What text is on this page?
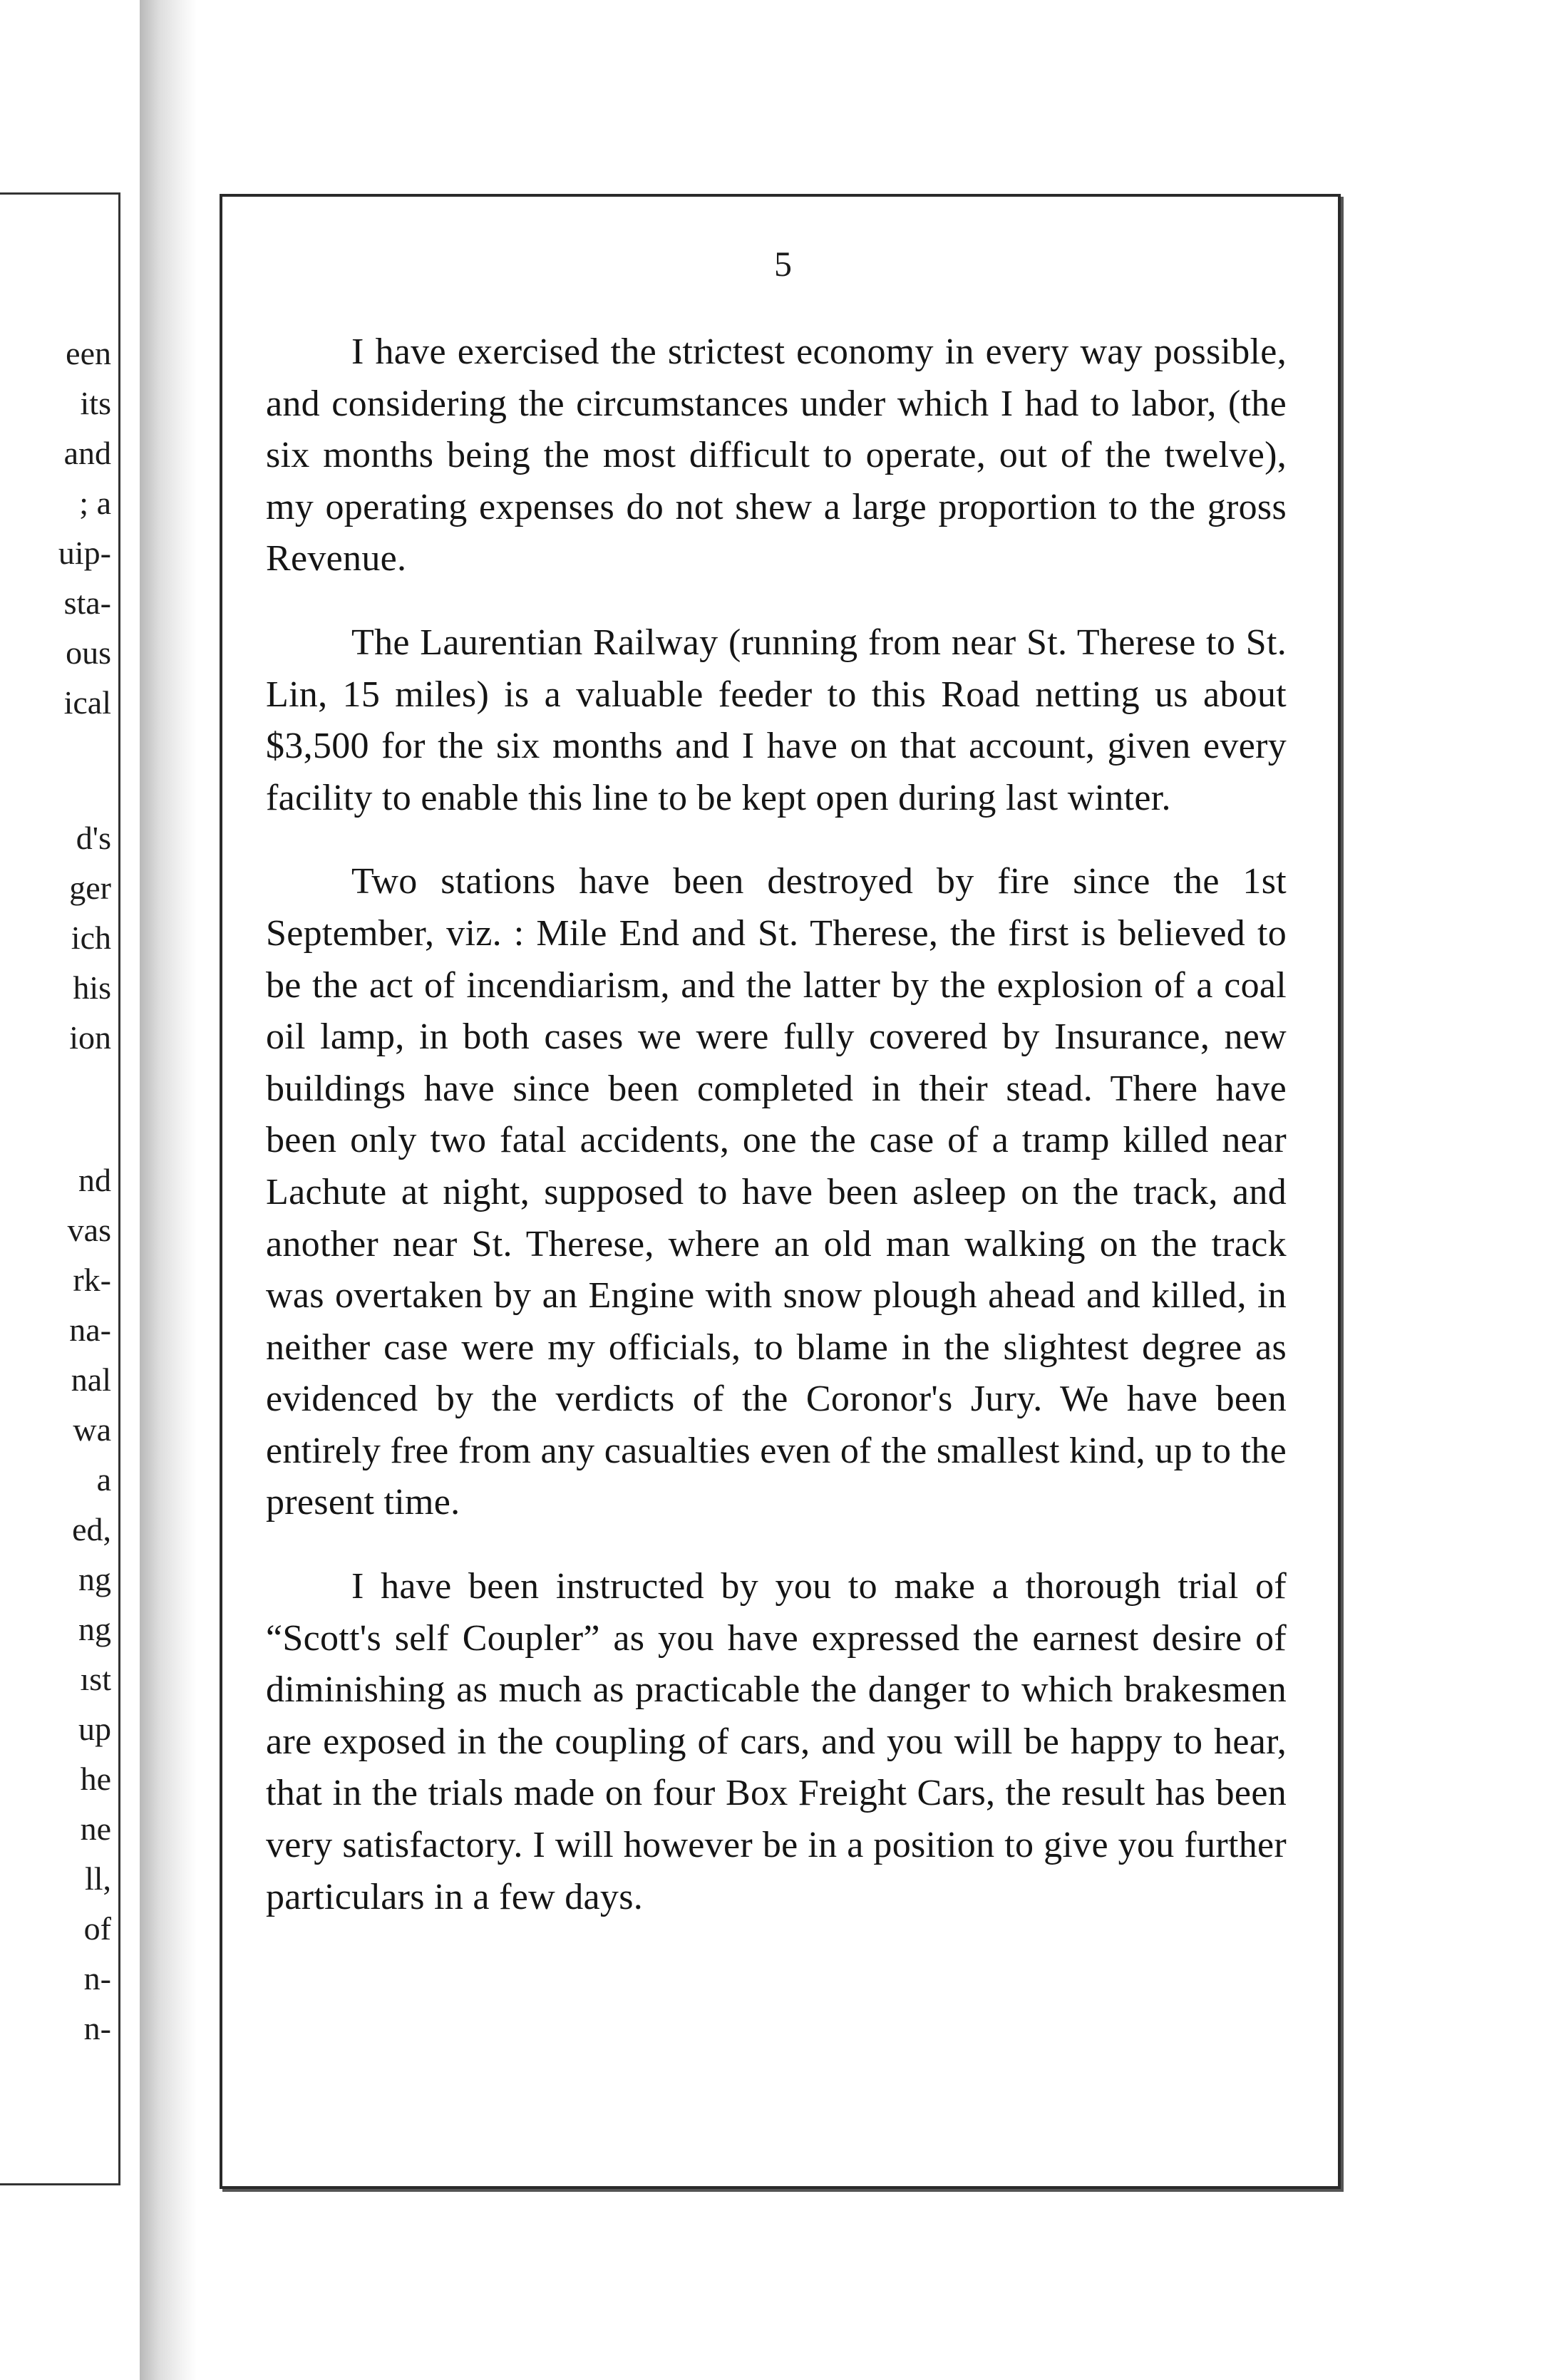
een
its
and
; a
uip-
sta-
ous
ical
d's
ger
ich
his
ion
nd
vas
rk-
na-
nal
wa
a
ed,
ng
ng
ıst
up
he
ne
ll,
of
n-
n-
5

I have exercised the strictest economy in every way possible, and considering the circumstances under which I had to labor, (the six months being the most difficult to operate, out of the twelve), my operating expenses do not shew a large proportion to the gross Revenue.

The Laurentian Railway (running from near St. Therese to St. Lin, 15 miles) is a valuable feeder to this Road netting us about $3,500 for the six months and I have on that account, given every facility to enable this line to be kept open during last winter.

Two stations have been destroyed by fire since the 1st September, viz. : Mile End and St. Therese, the first is believed to be the act of incendiarism, and the latter by the explosion of a coal oil lamp, in both cases we were fully covered by Insurance, new buildings have since been completed in their stead. There have been only two fatal accidents, one the case of a tramp killed near Lachute at night, supposed to have been asleep on the track, and another near St. Therese, where an old man walking on the track was overtaken by an Engine with snow plough ahead and killed, in neither case were my officials, to blame in the slightest degree as evidenced by the verdicts of the Coronor's Jury. We have been entirely free from any casualties even of the smallest kind, up to the present time.

I have been instructed by you to make a thorough trial of “Scott's self Coupler” as you have expressed the earnest desire of diminishing as much as practicable the danger to which brakesmen are exposed in the coupling of cars, and you will be happy to hear, that in the trials made on four Box Freight Cars, the result has been very satisfactory. I will however be in a position to give you further particulars in a few days.
